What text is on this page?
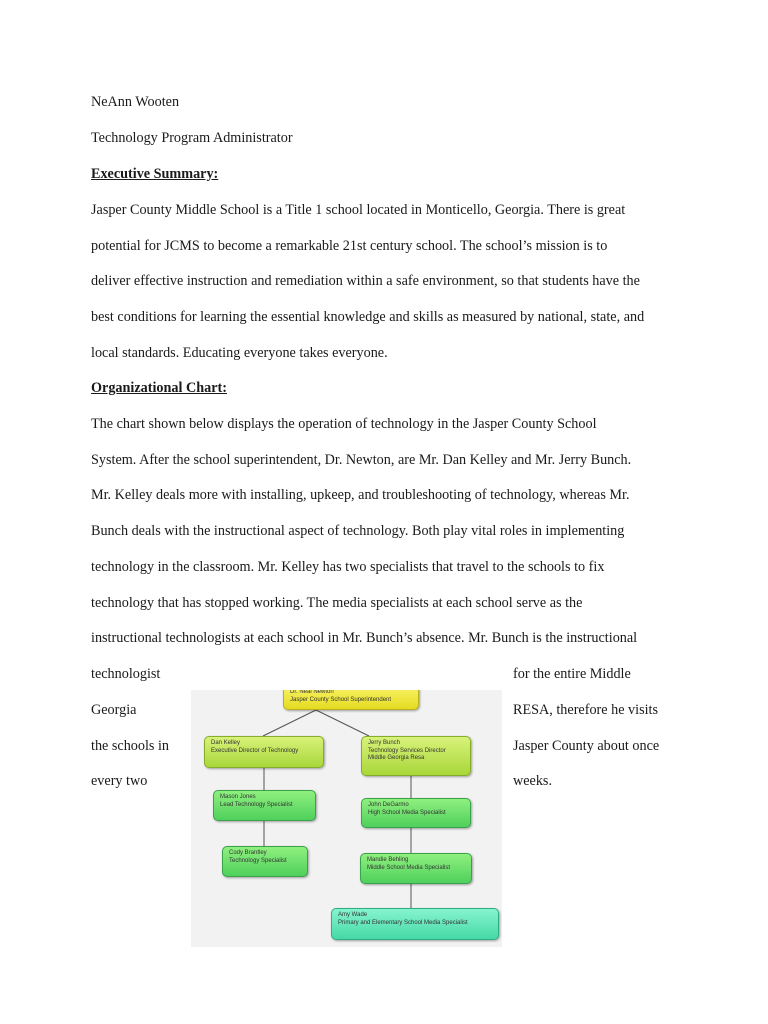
NeAnn Wooten
Technology Program Administrator
Executive Summary:
Jasper County Middle School is a Title 1 school located in Monticello, Georgia. There is great
potential for JCMS to become a remarkable 21st century school. The school’s mission is to
deliver effective instruction and remediation within a safe environment, so that students have the
best conditions for learning the essential knowledge and skills as measured by national, state, and
local standards. Educating everyone takes everyone.
Organizational Chart:
The chart shown below displays the operation of technology in the Jasper County School
System. After the school superintendent, Dr. Newton, are Mr. Dan Kelley and Mr. Jerry Bunch.
Mr. Kelley deals more with installing, upkeep, and troubleshooting of technology, whereas Mr.
Bunch deals with the instructional aspect of technology. Both play vital roles in implementing
technology in the classroom. Mr. Kelley has two specialists that travel to the schools to fix
technology that has stopped working. The media specialists at each school serve as the
instructional technologists at each school in Mr. Bunch’s absence. Mr. Bunch is the instructional
technologist
Georgia
the schools in
every two
for the entire Middle
RESA, therefore he visits
Jasper County about once
weeks.
Dr. Neal Newton
Jasper County School Superintendent
Dan Kelley
Executive Director of Technology
Jerry Bunch
Technology Services Director
Middle Georgia Resa
Mason Jones
Lead Technology Specialist
Cody Brantley
Technology Specialist
John DeGarmo
High School Media Specialist
Mandie Behling
Middle School Media Specialist
Amy Wade
Primary and Elementary School Media Specialist
